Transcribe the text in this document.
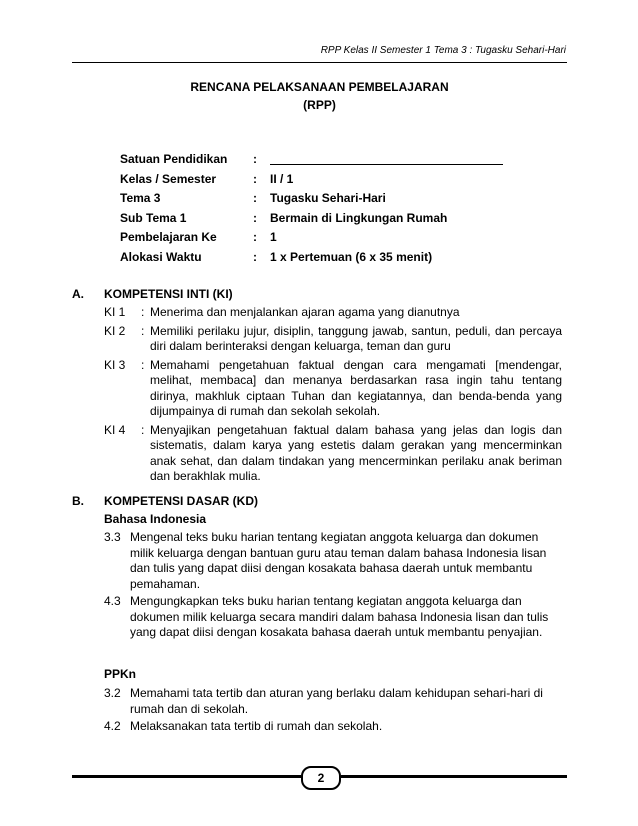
RPP Kelas II Semester 1 Tema 3 : Tugasku Sehari-Hari
RENCANA PELAKSANAAN PEMBELAJARAN
(RPP)
Satuan Pendidikan	:
Kelas / Semester	:	II / 1
Tema 3	:	Tugasku Sehari-Hari
Sub Tema 1	:	Bermain di Lingkungan Rumah
Pembelajaran Ke	:	1
Alokasi Waktu	:	1 x Pertemuan (6 x 35 menit)
A. KOMPETENSI INTI (KI)
KI 1	: Menerima dan menjalankan ajaran agama yang dianutnya
KI 2	: Memiliki perilaku jujur, disiplin, tanggung jawab, santun, peduli, dan percaya diri dalam berinteraksi dengan keluarga, teman dan guru
KI 3	: Memahami pengetahuan faktual dengan cara mengamati [mendengar, melihat, membaca] dan menanya berdasarkan rasa ingin tahu tentang dirinya, makhluk ciptaan Tuhan dan kegiatannya, dan benda-benda yang dijumpainya di rumah dan sekolah sekolah.
KI 4	: Menyajikan pengetahuan faktual dalam bahasa yang jelas dan logis dan sistematis, dalam karya yang estetis dalam gerakan yang mencerminkan anak sehat, dan dalam tindakan yang mencerminkan perilaku anak beriman dan berakhlak mulia.
B. KOMPETENSI DASAR (KD)
Bahasa Indonesia
3.3 Mengenal teks buku harian tentang kegiatan anggota keluarga dan dokumen milik keluarga dengan bantuan guru atau teman dalam bahasa Indonesia lisan dan tulis yang dapat diisi dengan kosakata bahasa daerah untuk membantu pemahaman.
4.3 Mengungkapkan teks buku harian tentang kegiatan anggota keluarga dan dokumen milik keluarga secara mandiri dalam bahasa Indonesia lisan dan tulis yang dapat diisi dengan kosakata bahasa daerah untuk membantu penyajian.
PPKn
3.2 Memahami tata tertib dan aturan yang berlaku dalam kehidupan sehari-hari di rumah dan di sekolah.
4.2 Melaksanakan tata tertib di rumah dan sekolah.
2
